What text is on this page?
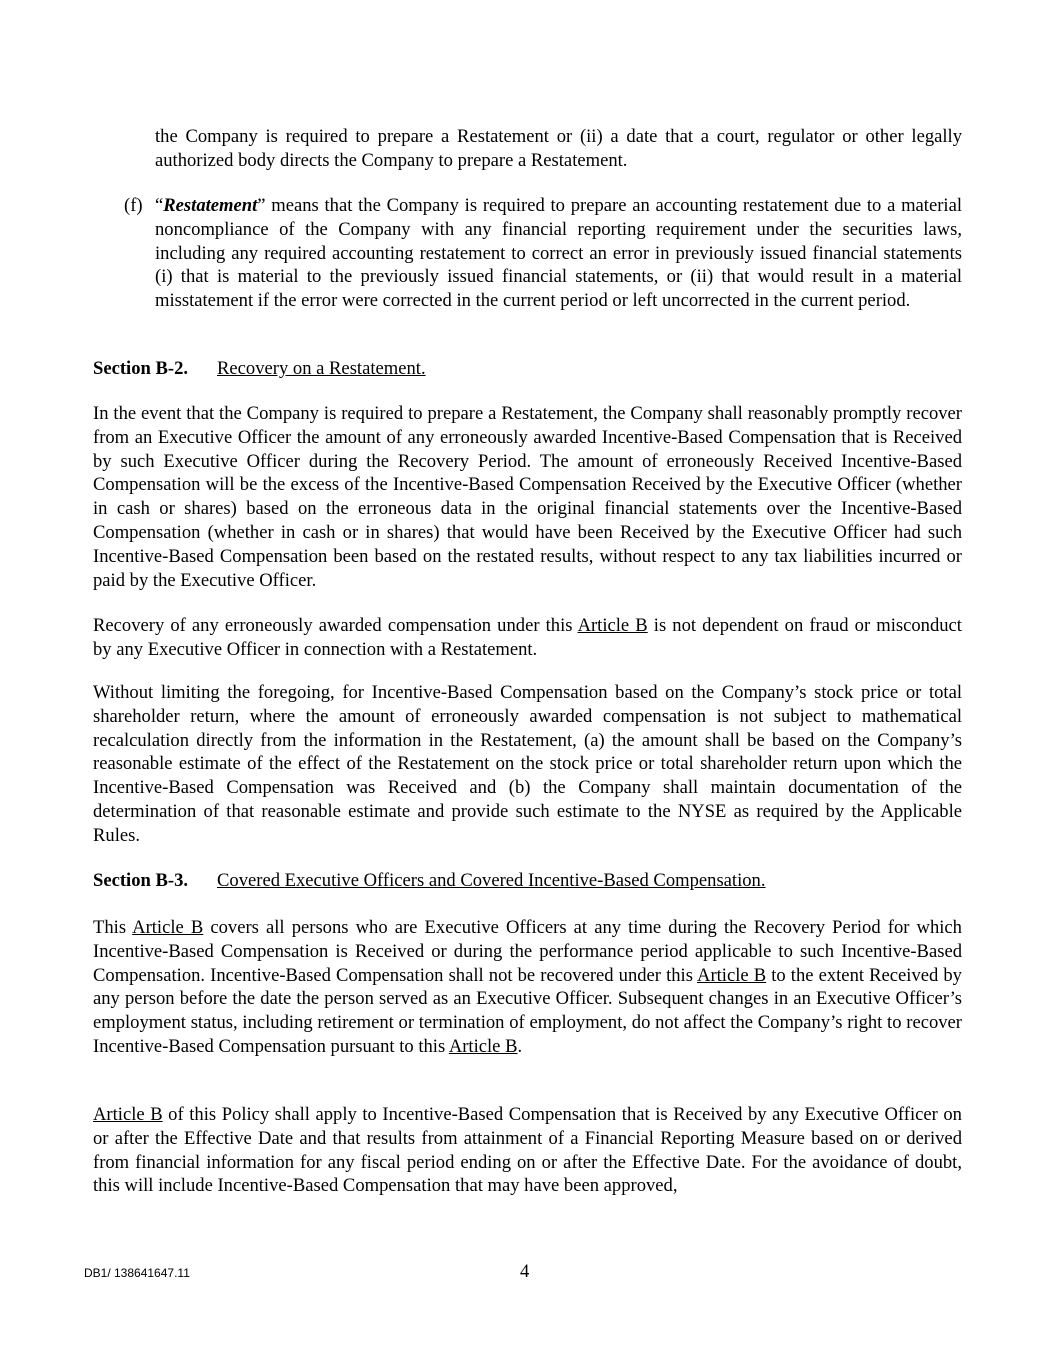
the Company is required to prepare a Restatement or (ii) a date that a court, regulator or other legally authorized body directs the Company to prepare a Restatement.

(f) “Restatement” means that the Company is required to prepare an accounting restatement due to a material noncompliance of the Company with any financial reporting requirement under the securities laws, including any required accounting restatement to correct an error in previously issued financial statements (i) that is material to the previously issued financial statements, or (ii) that would result in a material misstatement if the error were corrected in the current period or left uncorrected in the current period.

Section B-2. Recovery on a Restatement.

In the event that the Company is required to prepare a Restatement, the Company shall reasonably promptly recover from an Executive Officer the amount of any erroneously awarded Incentive-Based Compensation that is Received by such Executive Officer during the Recovery Period. The amount of erroneously Received Incentive-Based Compensation will be the excess of the Incentive-Based Compensation Received by the Executive Officer (whether in cash or shares) based on the erroneous data in the original financial statements over the Incentive-Based Compensation (whether in cash or in shares) that would have been Received by the Executive Officer had such Incentive-Based Compensation been based on the restated results, without respect to any tax liabilities incurred or paid by the Executive Officer.

Recovery of any erroneously awarded compensation under this Article B is not dependent on fraud or misconduct by any Executive Officer in connection with a Restatement.

Without limiting the foregoing, for Incentive-Based Compensation based on the Company’s stock price or total shareholder return, where the amount of erroneously awarded compensation is not subject to mathematical recalculation directly from the information in the Restatement, (a) the amount shall be based on the Company’s reasonable estimate of the effect of the Restatement on the stock price or total shareholder return upon which the Incentive-Based Compensation was Received and (b) the Company shall maintain documentation of the determination of that reasonable estimate and provide such estimate to the NYSE as required by the Applicable Rules.

Section B-3. Covered Executive Officers and Covered Incentive-Based Compensation.

This Article B covers all persons who are Executive Officers at any time during the Recovery Period for which Incentive-Based Compensation is Received or during the performance period applicable to such Incentive-Based Compensation. Incentive-Based Compensation shall not be recovered under this Article B to the extent Received by any person before the date the person served as an Executive Officer. Subsequent changes in an Executive Officer’s employment status, including retirement or termination of employment, do not affect the Company’s right to recover Incentive-Based Compensation pursuant to this Article B.

Article B of this Policy shall apply to Incentive-Based Compensation that is Received by any Executive Officer on or after the Effective Date and that results from attainment of a Financial Reporting Measure based on or derived from financial information for any fiscal period ending on or after the Effective Date. For the avoidance of doubt, this will include Incentive-Based Compensation that may have been approved,

DB1/ 138641647.11	4
